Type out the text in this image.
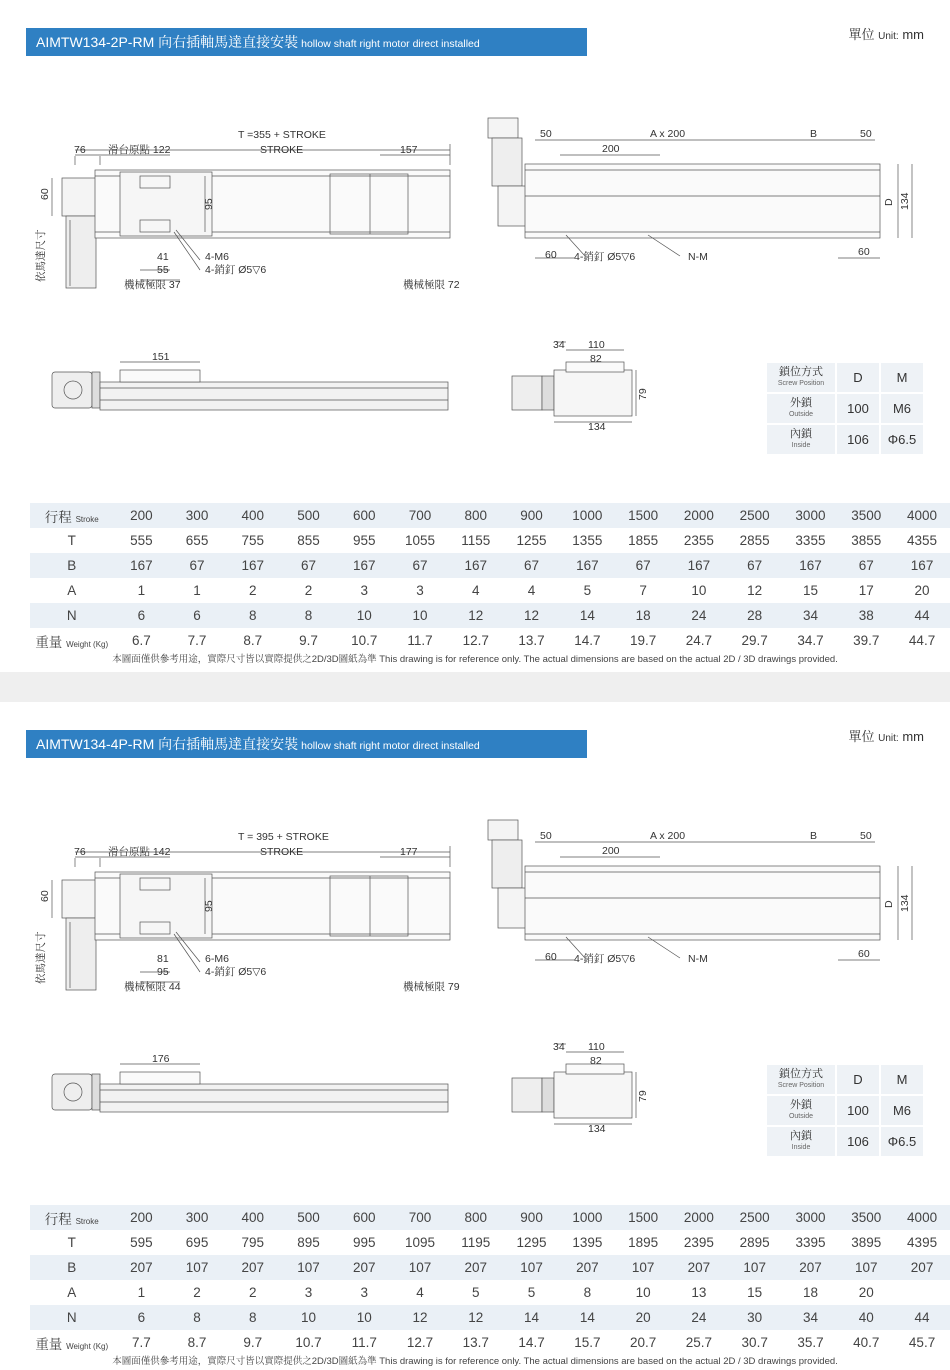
AIMTW134-2P-RM 向右插軸馬達直接安裝 hollow shaft right motor direct installed
單位 Unit: mm
76 滑台原點 122
T =355 + STROKE
STROKE	157
60
95
41
55
4-M6
4-銷釘 Ø5▽6
機械極限 37	機械極限 72
依馬達尺寸
50	A x 200	B	50
200
D 134
60 4-銷釘 Ø5▽6	N-M	60
151
34 110
82
79
134
鎖位方式
Screw Position	D	M
外鎖
Outside	100	M6
內鎖
Inside	106	Φ6.5
行程 Stroke	200	300	400	500	600	700	800	900	1000	1500	2000	2500	3000	3500	4000
T	555	655	755	855	955	1055	1155	1255	1355	1855	2355	2855	3355	3855	4355
B	167	67	167	67	167	67	167	67	167	67	167	67	167	67	167
A	1	1	2	2	3	3	4	4	5	7	10	12	15	17	20
N	6	6	8	8	10	10	12	12	14	18	24	28	34	38	44
重量 Weight (Kg)	6.7	7.7	8.7	9.7	10.7	11.7	12.7	13.7	14.7	19.7	24.7	29.7	34.7	39.7	44.7
本圖面僅供參考用途，實際尺寸皆以實際提供之2D/3D圖紙為準 This drawing is for reference only. The actual dimensions are based on the actual 2D / 3D drawings provided.
AIMTW134-4P-RM 向右插軸馬達直接安裝 hollow shaft right motor direct installed
單位 Unit: mm
76 滑台原點 142
T = 395 + STROKE
STROKE	177
60
95
81
95
6-M6
4-銷釘 Ø5▽6
機械極限 44	機械極限 79
依馬達尺寸
50	A x 200	B	50
200
D 134
60 4-銷釘 Ø5▽6	N-M	60
176
34 110
82
79
134
鎖位方式
Screw Position	D	M
外鎖
Outside	100	M6
內鎖
Inside	106	Φ6.5
行程 Stroke	200	300	400	500	600	700	800	900	1000	1500	2000	2500	3000	3500	4000
T	595	695	795	895	995	1095	1195	1295	1395	1895	2395	2895	3395	3895	4395
B	207	107	207	107	207	107	207	107	207	107	207	107	207	107	207
A	1	2	2	3	3	4	5	5	8	10	13	15	18	20	
N	6	8	8	10	10	12	12	14	14	20	24	30	34	40	44
重量 Weight (Kg)	7.7	8.7	9.7	10.7	11.7	12.7	13.7	14.7	15.7	20.7	25.7	30.7	35.7	40.7	45.7
本圖面僅供參考用途，實際尺寸皆以實際提供之2D/3D圖紙為準 This drawing is for reference only. The actual dimensions are based on the actual 2D / 3D drawings provided.
